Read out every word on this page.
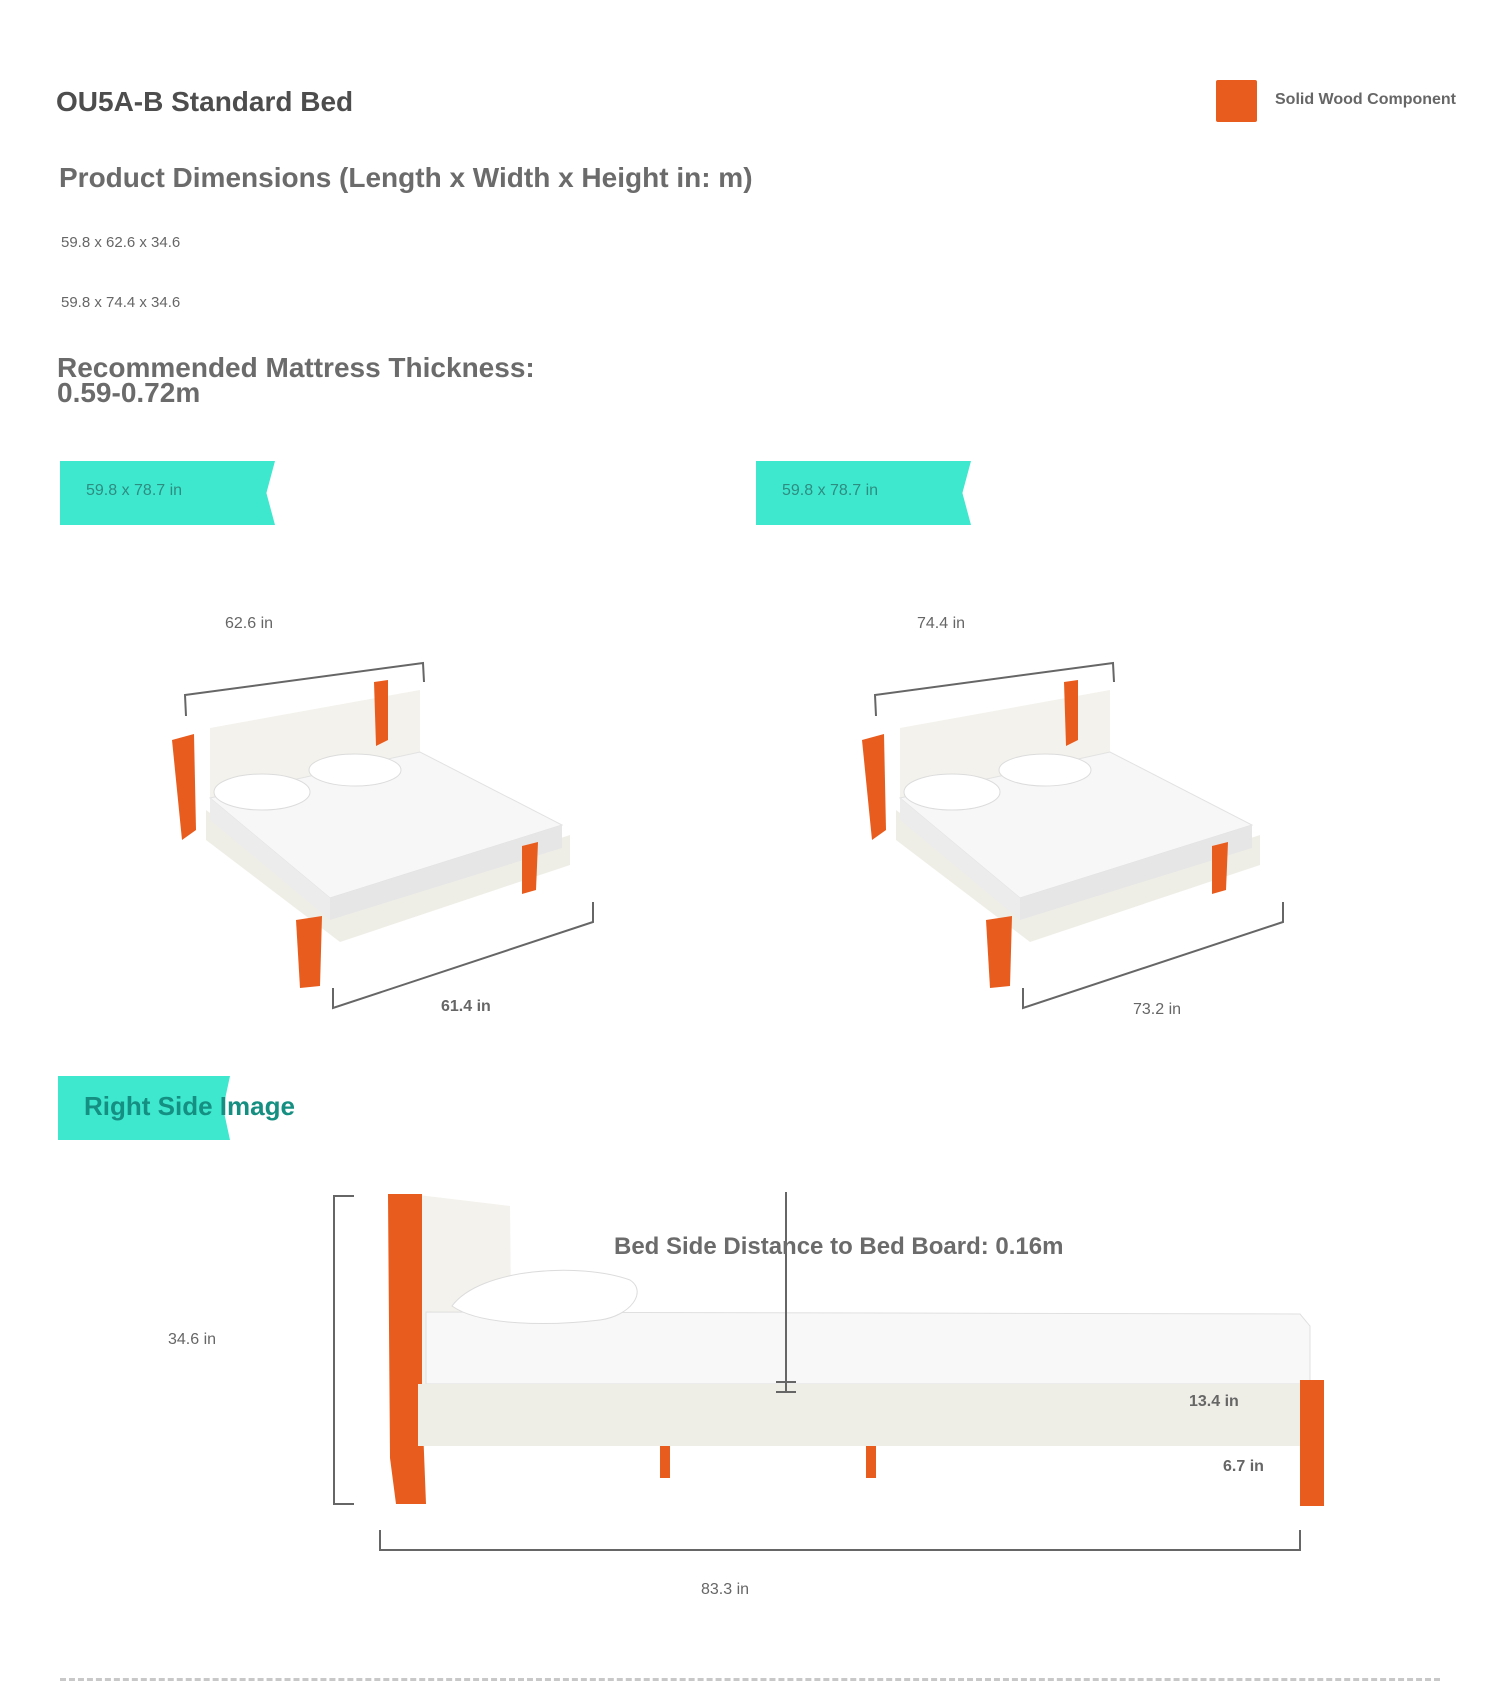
OU5A-B Standard Bed	Solid Wood Component
Product Dimensions (Length x Width x Height in: m)
59.8 x 62.6 x 34.6
59.8 x 74.4 x 34.6
Recommended Mattress Thickness:
0.59-0.72m
59.8 x 78.7 in	59.8 x 78.7 in
62.6 in
61.4 in
74.4 in
73.2 in
Right Side Image
Bed Side Distance to Bed Board: 0.16m
34.6 in
13.4 in
6.7 in
83.3 in
